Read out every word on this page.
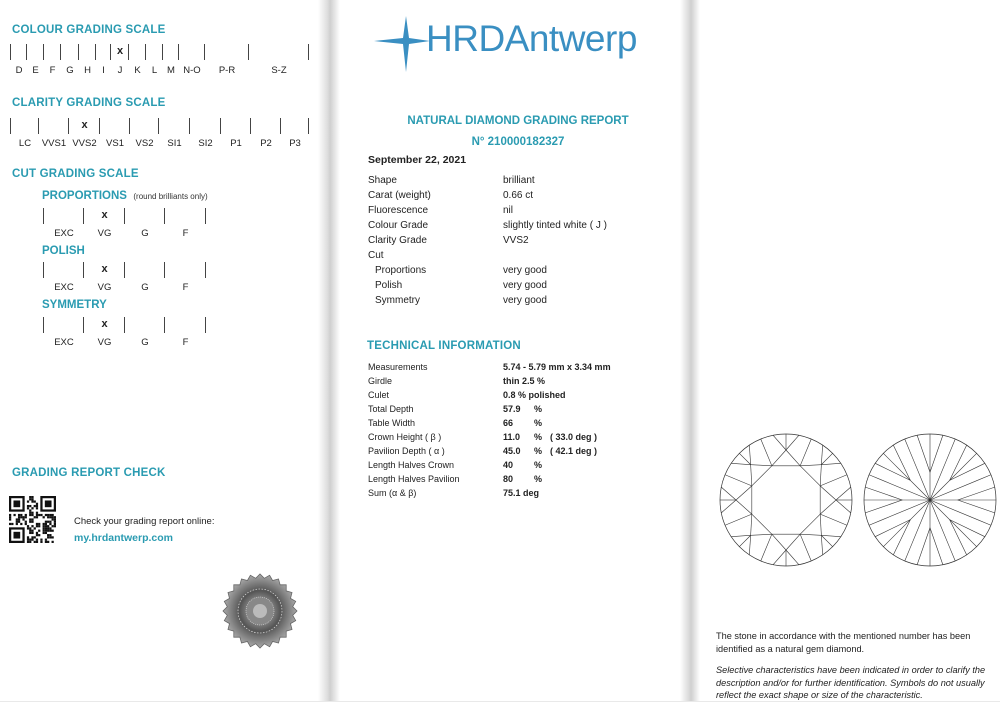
COLOUR GRADING SCALE
D	E	F	G	H	I	J
x
K	L	M N-O	P-R	S-Z
CLARITY GRADING SCALE
LC	VVS1 VVS2
x
VS1	VS2	SI1	SI2	P1	P2	P3
CUT GRADING SCALE
PROPORTIONS (round brilliants only)
EXC	VG
x
G	F
POLISH
EXC	VG
x
G	F
SYMMETRY
EXC	VG
x
G	F
GRADING REPORT CHECK
Check your grading report online:
my.hrdantwerp.com
HRDAntwerp
NATURAL DIAMOND GRADING REPORT
N° 210000182327
September 22, 2021
Shape	brilliant
Carat (weight)	0.66 ct
Fluorescence	nil
Colour Grade	slightly tinted white ( J )
Clarity Grade	VVS2
Cut
Proportions	very good
Polish	very good
Symmetry	very good
TECHNICAL INFORMATION
Measurements	5.74 - 5.79 mm x 3.34 mm
Girdle	thin 2.5 %
Culet	0.8 % polished
Total Depth	57.9 %
Table Width	66 %
Crown Height ( β )	11.0 % ( 33.0 deg )
Pavilion Depth ( α )	45.0 % ( 42.1 deg )
Length Halves Crown	40 %
Length Halves Pavilion	80 %
Sum (α & β)	75.1 deg
The stone in accordance with the mentioned number has been identified as a natural gem diamond.
Selective characteristics have been indicated in order to clarify the description and/or for further identification. Symbols do not usually reflect the exact shape or size of the characteristic.
